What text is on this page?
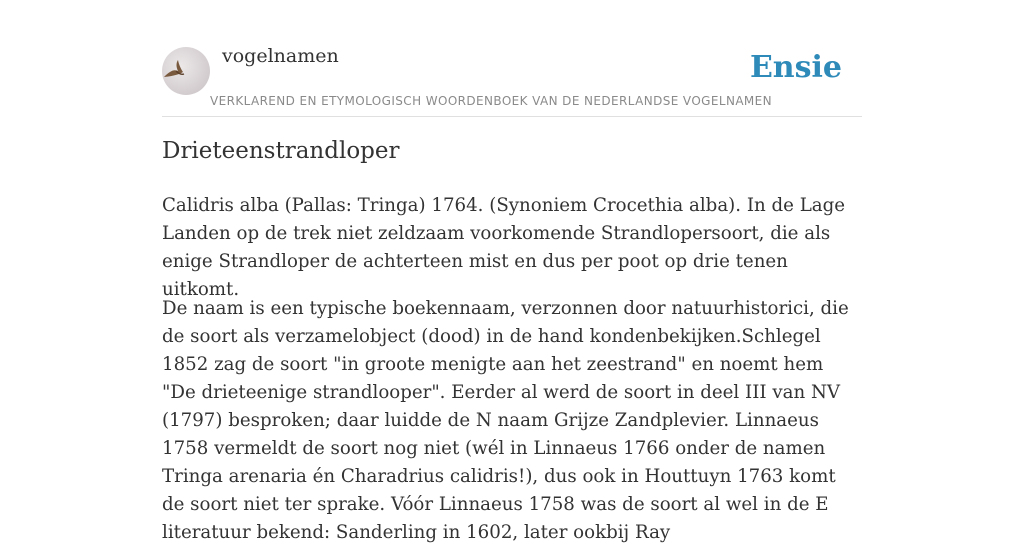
vogelnamen
VERKLAREND EN ETYMOLOGISCH WOORDENBOEK VAN DE NEDERLANDSE VOGELNAMEN
Ensie
Drieteenstrandloper

Calidris alba (Pallas: Tringa) 1764. (Synoniem Crocethia alba). In de Lage Landen op de trek niet zeldzaam voorkomende Strandlopersoort, die als enige Strandloper de achterteen mist en dus per poot op drie tenen uitkomt.

De naam is een typische boekennaam, verzonnen door natuurhistorici, die de soort als verzamelobject (dood) in de hand kondenbekijken.Schlegel 1852 zag de soort "in groote menigte aan het zeestrand" en noemt hem "De drieteenige strandlooper". Eerder al werd de soort in deel III van NV (1797) besproken; daar luidde de N naam Grijze Zandplevier. Linnaeus 1758 vermeldt de soort nog niet (wél in Linnaeus 1766 onder de namen Tringa arenaria én Charadrius calidris!), dus ook in Houttuyn 1763 komt de soort niet ter sprake. Vóór Linnaeus 1758 was de soort al wel in de E literatuur bekend: Sanderling in 1602, later ookbij Ray
